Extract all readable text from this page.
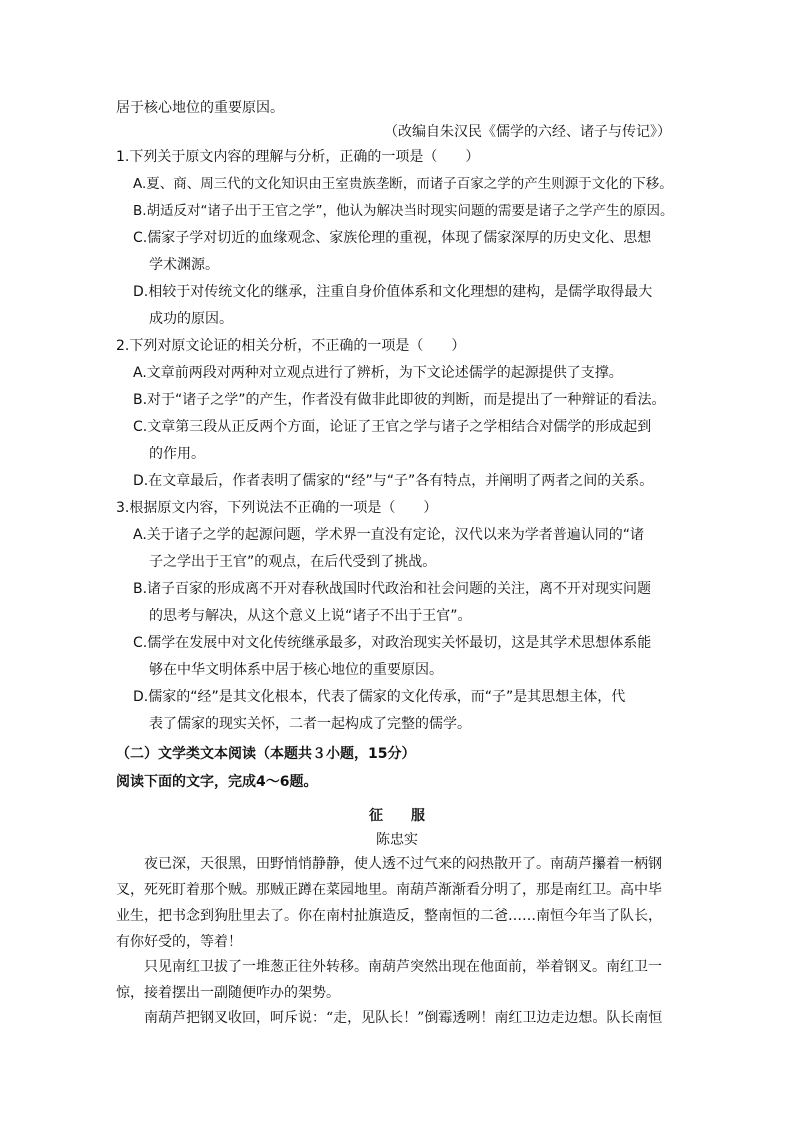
居于核心地位的重要原因。
（改编自朱汉民《儒学的六经、诸子与传记》）
1.下列关于原文内容的理解与分析，正确的一项是（　　）
A.夏、商、周三代的文化知识由王室贵族垄断，而诸子百家之学的产生则源于文化的下移。
B.胡适反对“诸子出于王官之学”，他认为解决当时现实问题的需要是诸子之学产生的原因。
C.儒家子学对切近的血缘观念、家族伦理的重视，体现了儒家深厚的历史文化、思想
学术渊源。
D.相较于对传统文化的继承，注重自身价值体系和文化理想的建构，是儒学取得最大
成功的原因。
2.下列对原文论证的相关分析，不正确的一项是（　　）
A.文章前两段对两种对立观点进行了辨析，为下文论述儒学的起源提供了支撑。
B.对于“诸子之学”的产生，作者没有做非此即彼的判断，而是提出了一种辩证的看法。
C.文章第三段从正反两个方面，论证了王官之学与诸子之学相结合对儒学的形成起到
的作用。
D.在文章最后，作者表明了儒家的“经”与“子”各有特点，并阐明了两者之间的关系。
3.根据原文内容，下列说法不正确的一项是（　　）
A.关于诸子之学的起源问题，学术界一直没有定论，汉代以来为学者普遍认同的“诸
子之学出于王官”的观点，在后代受到了挑战。
B.诸子百家的形成离不开对春秋战国时代政治和社会问题的关注，离不开对现实问题
的思考与解决，从这个意义上说“诸子不出于王官”。
C.儒学在发展中对文化传统继承最多，对政治现实关怀最切，这是其学术思想体系能
够在中华文明体系中居于核心地位的重要原因。
D.儒家的“经”是其文化根本，代表了儒家的文化传承，而“子”是其思想主体，代
表了儒家的现实关怀，二者一起构成了完整的儒学。
（二）文学类文本阅读（本题共３小题，15分）
阅读下面的文字，完成4～6题。
征　　服
陈忠实
夜已深，天很黑，田野悄悄静静，使人透不过气来的闷热散开了。南葫芦攥着一柄钢
叉，死死盯着那个贼。那贼正蹲在菜园地里。南葫芦渐渐看分明了，那是南红卫。高中毕
业生，把书念到狗肚里去了。你在南村扯旗造反，整南恒的二爸……南恒今年当了队长，
有你好受的，等着！
只见南红卫拔了一堆葱正往外转移。南葫芦突然出现在他面前，举着钢叉。南红卫一
惊，接着摆出一副随便咋办的架势。
南葫芦把钢叉收回，呵斥说：“走，见队长！”倒霉透咧！南红卫边走边想。队长南恒
